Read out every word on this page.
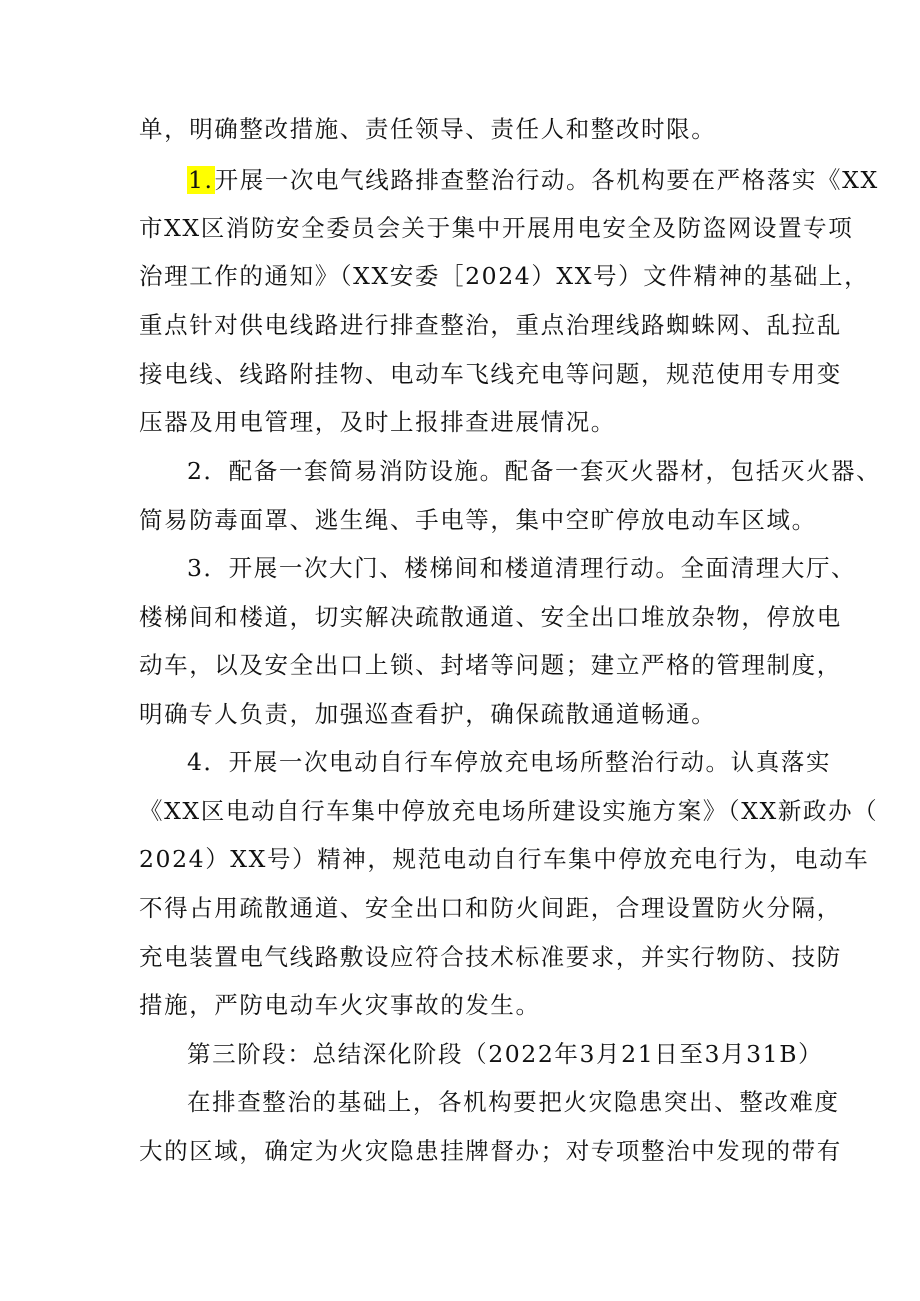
单，明确整改措施、责任领导、责任人和整改时限。
1.开展一次电气线路排查整治行动。各机构要在严格落实《XX
市XX区消防安全委员会关于集中开展用电安全及防盗网设置专项
治理工作的通知》（XX安委［2024）XX号）文件精神的基础上，
重点针对供电线路进行排查整治，重点治理线路蜘蛛网、乱拉乱
接电线、线路附挂物、电动车飞线充电等问题，规范使用专用变
压器及用电管理，及时上报排查进展情况。
2．配备一套简易消防设施。配备一套灭火器材，包括灭火器、
简易防毒面罩、逃生绳、手电等，集中空旷停放电动车区域。
3．开展一次大门、楼梯间和楼道清理行动。全面清理大厅、
楼梯间和楼道，切实解决疏散通道、安全出口堆放杂物，停放电
动车，以及安全出口上锁、封堵等问题；建立严格的管理制度，
明确专人负责，加强巡查看护，确保疏散通道畅通。
4．开展一次电动自行车停放充电场所整治行动。认真落实
《XX区电动自行车集中停放充电场所建设实施方案》（XX新政办（
2024）XX号）精神，规范电动自行车集中停放充电行为，电动车
不得占用疏散通道、安全出口和防火间距，合理设置防火分隔，
充电装置电气线路敷设应符合技术标准要求，并实行物防、技防
措施，严防电动车火灾事故的发生。
第三阶段：总结深化阶段（2022年3月21日至3月31B）
在排查整治的基础上，各机构要把火灾隐患突出、整改难度
大的区域，确定为火灾隐患挂牌督办；对专项整治中发现的带有
